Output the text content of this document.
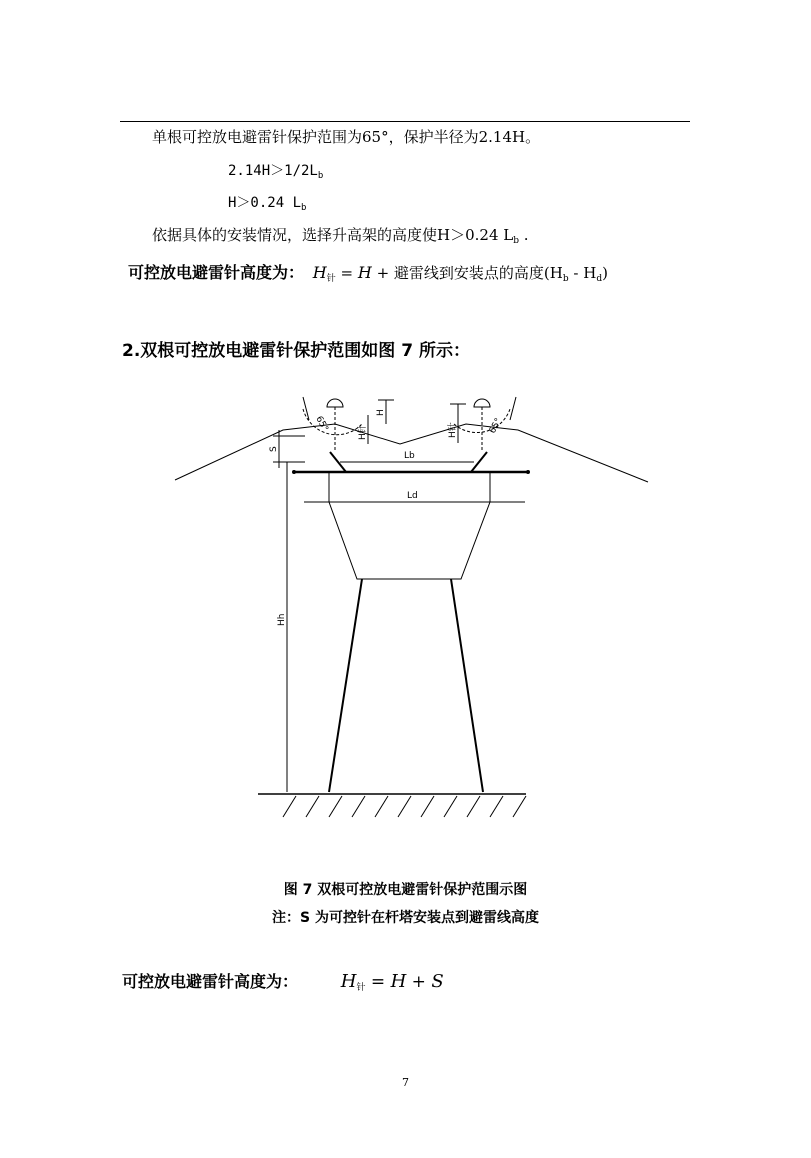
单根可控放电避雷针保护范围为65°，保护半径为2.14H。
$2.14H>1/2L_b$
H＞0.24 $L_b$
依据具体的安装情况，选择升高架的高度使H＞0.24 $L_b$ .
可控放电避雷针高度为： $H_针 = H$ + 避雷线到安装点的高度$(H_b - H_d)$
2.双根可控放电避雷针保护范围如图 7 所示：
65°	65°
H
H针	H针
S
Lb
Ld
Hh
图 7 双根可控放电避雷针保护范围示图
注：S 为可控针在杆塔安装点到避雷线高度
可控放电避雷针高度为： $H_针 = H + S$
7
